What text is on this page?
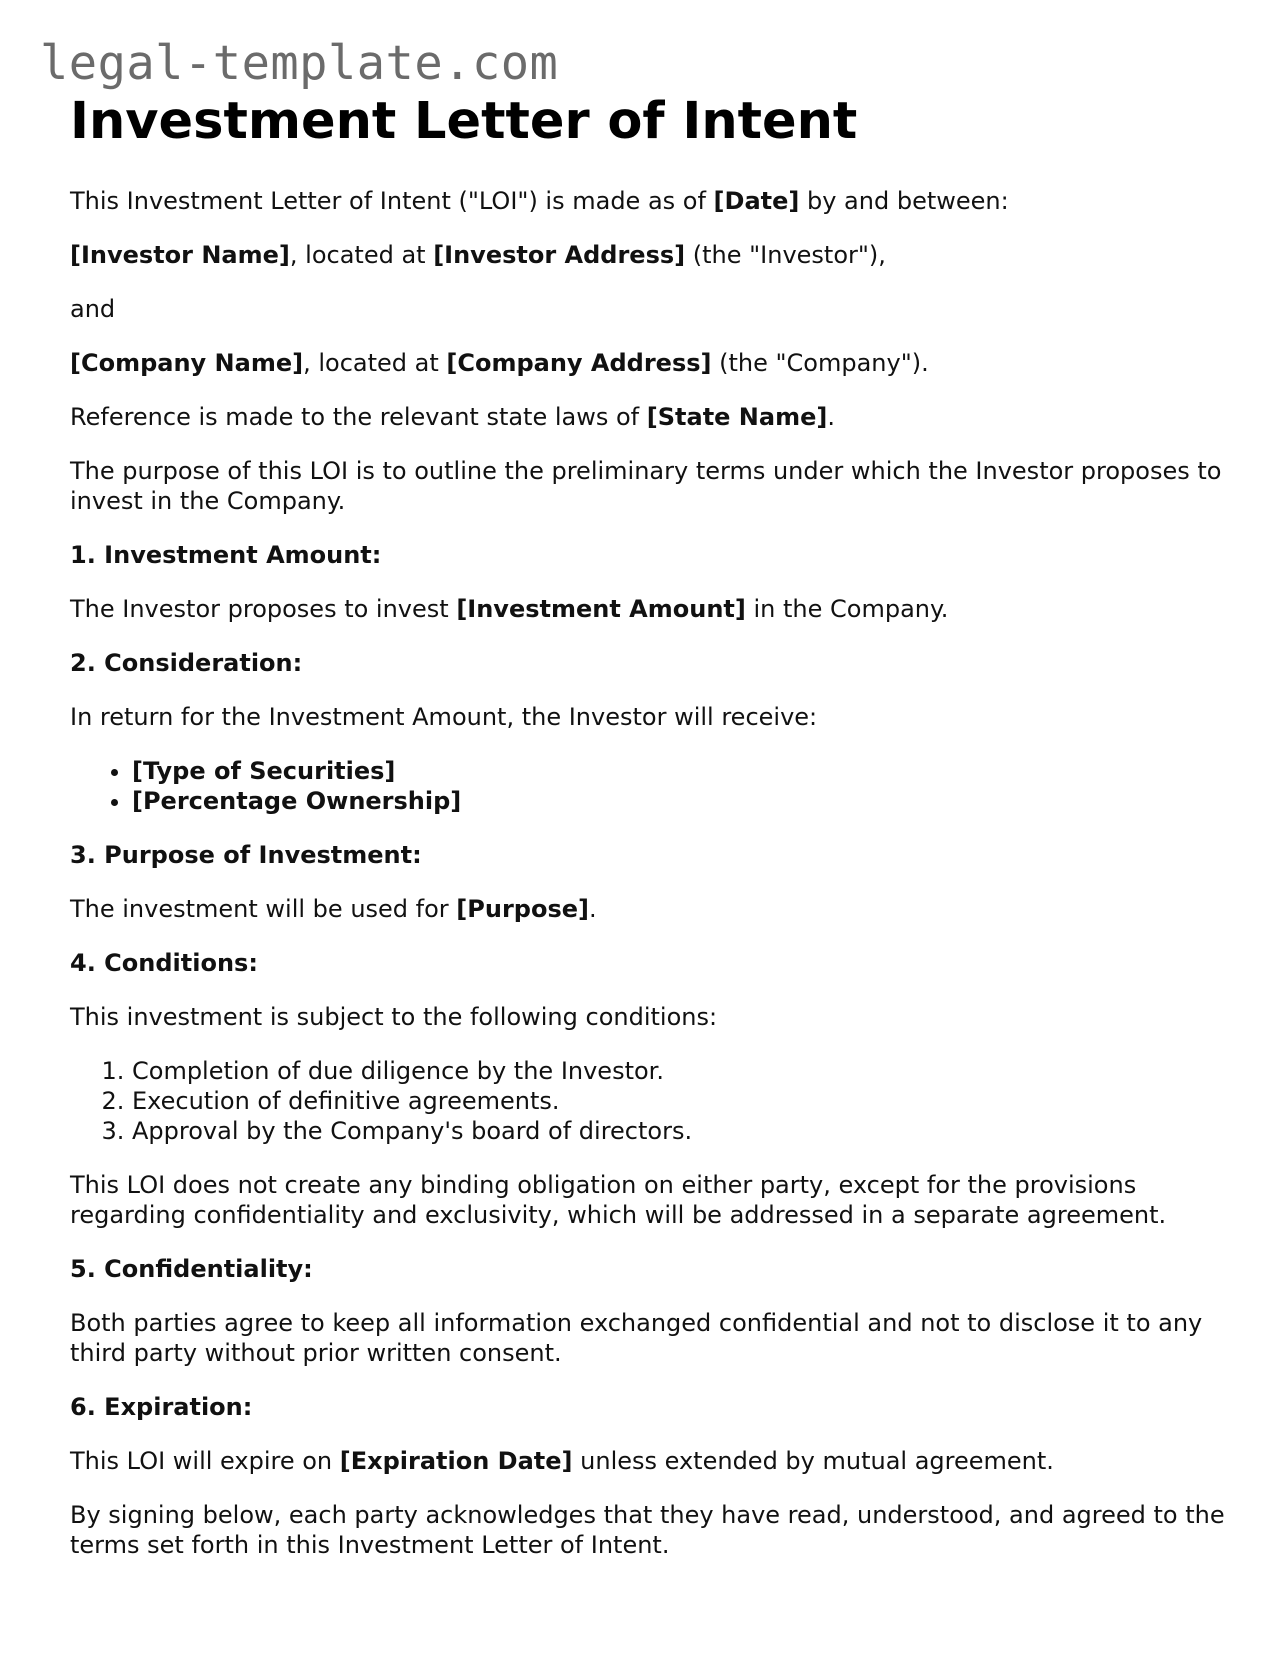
legal-template.com
Investment Letter of Intent

This Investment Letter of Intent ("LOI") is made as of [Date] by and between:

[Investor Name], located at [Investor Address] (the "Investor"),

and

[Company Name], located at [Company Address] (the "Company").

Reference is made to the relevant state laws of [State Name].

The purpose of this LOI is to outline the preliminary terms under which the Investor proposes to invest in the Company.

1. Investment Amount:

The Investor proposes to invest [Investment Amount] in the Company.

2. Consideration:

In return for the Investment Amount, the Investor will receive:

• [Type of Securities]
• [Percentage Ownership]

3. Purpose of Investment:

The investment will be used for [Purpose].

4. Conditions:

This investment is subject to the following conditions:

1. Completion of due diligence by the Investor.
2. Execution of definitive agreements.
3. Approval by the Company's board of directors.

This LOI does not create any binding obligation on either party, except for the provisions regarding confidentiality and exclusivity, which will be addressed in a separate agreement.

5. Confidentiality:

Both parties agree to keep all information exchanged confidential and not to disclose it to any third party without prior written consent.

6. Expiration:

This LOI will expire on [Expiration Date] unless extended by mutual agreement.

By signing below, each party acknowledges that they have read, understood, and agreed to the terms set forth in this Investment Letter of Intent.
